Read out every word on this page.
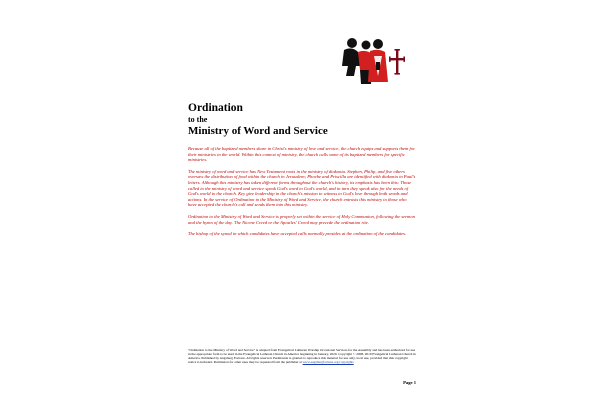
Ordination
to the
Ministry of Word and Service

Because all of the baptized members share in Christ's ministry of love and service, the church equips and supports them for their ministries in the world. Within this context of ministry, the church calls some of its baptized members for specific ministries.

The ministry of word and service has New Testament roots in the ministry of diakonia. Stephen, Philip, and five others oversaw the distribution of food within the church in Jerusalem; Phoebe and Priscilla are identified with diakonia in Paul's letters. Although this ministry has taken different forms throughout the church's history, its emphasis has been this: Those called to the ministry of word and service speak God's word to God's world, and in turn they speak also for the needs of God's world to the church. Key give leadership in the church's mission to witness to God's love through both words and actions. In the service of Ordination to the Ministry of Word and Service, the church entrusts this ministry to those who have accepted the church's call and sends them into this ministry.

Ordination to the Ministry of Word and Service is properly set within the service of Holy Communion, following the sermon and the hymn of the day. The Nicene Creed or the Apostles' Creed may precede the ordination rite.

The bishop of the synod in which candidates have accepted calls normally presides at the ordination of the candidates.

"Ordination to the Ministry of Word and Service" is adapted from Evangelical Lutheran Worship Occasional Services for the Assembly and has been authorized for use in the appropriate form to be used in the Evangelical Lutheran Church in America beginning in January, 2020. Copyright © 2008, 2019 Evangelical Lutheran Church in America. Published by Augsburg Fortress. All rights reserved. Permission is granted to reproduce this material for use only, local use, provided that this copyright notice is included. Permission for other uses may be requested from the publisher at www.augsburgfortress.org/copyrights
Page 1
